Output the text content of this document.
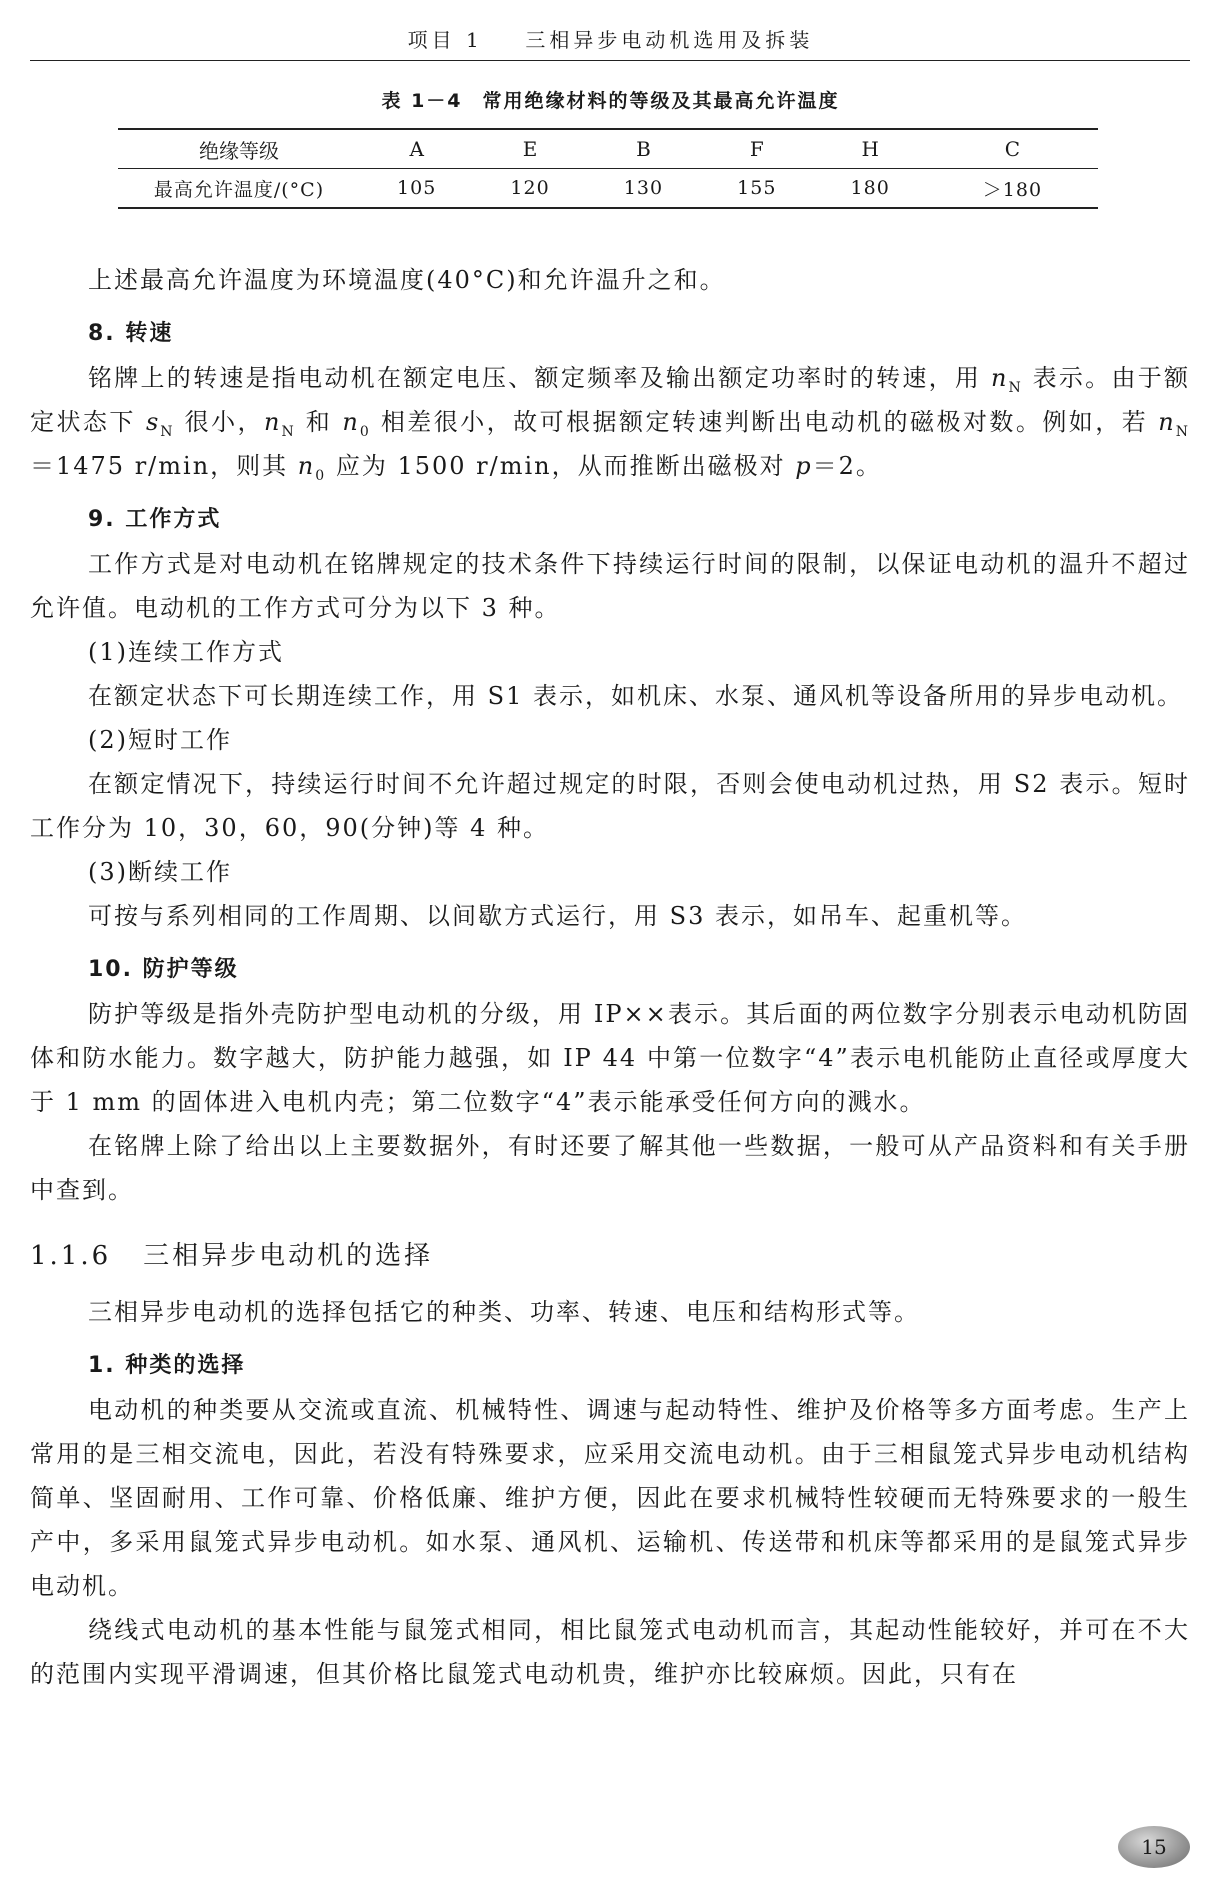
项目 1 三相异步电动机选用及拆装
表 1－4 常用绝缘材料的等级及其最高允许温度
绝缘等级	A	E	B	F	H	C
最高允许温度/(°C)	105	120	130	155	180	＞180

上述最高允许温度为环境温度(40°C)和允许温升之和。

8. 转速

铭牌上的转速是指电动机在额定电压、额定频率及输出额定功率时的转速，用 $n_N$ 表示。由于额定状态下 $s_N$ 很小，$n_N$ 和 $n_0$ 相差很小，故可根据额定转速判断出电动机的磁极对数。例如，若 $n_N=1475$ r/min，则其 $n_0$ 应为 1500 r/min，从而推断出磁极对 p＝2。

9. 工作方式

工作方式是对电动机在铭牌规定的技术条件下持续运行时间的限制，以保证电动机的温升不超过允许值。电动机的工作方式可分为以下 3 种。

(1)连续工作方式

在额定状态下可长期连续工作，用 S1 表示，如机床、水泵、通风机等设备所用的异步电动机。

(2)短时工作

在额定情况下，持续运行时间不允许超过规定的时限，否则会使电动机过热，用 S2 表示。短时工作分为 10，30，60，90(分钟)等 4 种。

(3)断续工作

可按与系列相同的工作周期、以间歇方式运行，用 S3 表示，如吊车、起重机等。

10. 防护等级

防护等级是指外壳防护型电动机的分级，用 IP××表示。其后面的两位数字分别表示电动机防固体和防水能力。数字越大，防护能力越强，如 IP 44 中第一位数字“4”表示电机能防止直径或厚度大于 1 mm 的固体进入电机内壳；第二位数字“4”表示能承受任何方向的溅水。

在铭牌上除了给出以上主要数据外，有时还要了解其他一些数据，一般可从产品资料和有关手册中查到。

1.1.6 三相异步电动机的选择

三相异步电动机的选择包括它的种类、功率、转速、电压和结构形式等。

1. 种类的选择

电动机的种类要从交流或直流、机械特性、调速与起动特性、维护及价格等多方面考虑。生产上常用的是三相交流电，因此，若没有特殊要求，应采用交流电动机。由于三相鼠笼式异步电动机结构简单、坚固耐用、工作可靠、价格低廉、维护方便，因此在要求机械特性较硬而无特殊要求的一般生产中，多采用鼠笼式异步电动机。如水泵、通风机、运输机、传送带和机床等都采用的是鼠笼式异步电动机。

绕线式电动机的基本性能与鼠笼式相同，相比鼠笼式电动机而言，其起动性能较好，并可在不大的范围内实现平滑调速，但其价格比鼠笼式电动机贵，维护亦比较麻烦。因此，只有在

15
